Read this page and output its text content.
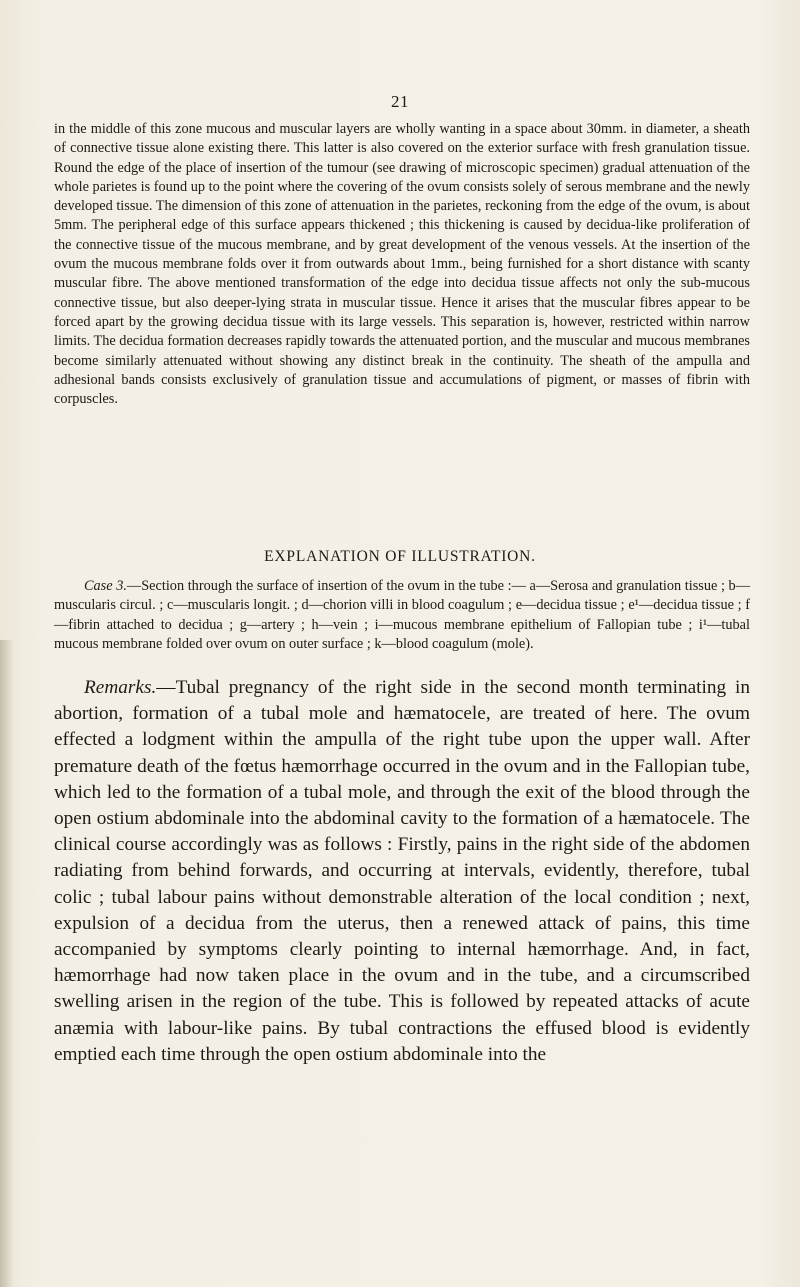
21

in the middle of this zone mucous and muscular layers are wholly wanting in a space about 30mm. in diameter, a sheath of connective tissue alone existing there. This latter is also covered on the exterior surface with fresh granulation tissue. Round the edge of the place of insertion of the tumour (see drawing of microscopic specimen) gradual attenuation of the whole parietes is found up to the point where the covering of the ovum consists solely of serous membrane and the newly developed tissue. The dimension of this zone of attenuation in the parietes, reckoning from the edge of the ovum, is about 5mm. The peripheral edge of this surface appears thickened ; this thickening is caused by decidua-like proliferation of the connective tissue of the mucous membrane, and by great development of the venous vessels. At the insertion of the ovum the mucous membrane folds over it from outwards about 1mm., being furnished for a short distance with scanty muscular fibre. The above mentioned transformation of the edge into decidua tissue affects not only the sub-mucous connective tissue, but also deeper-lying strata in muscular tissue. Hence it arises that the muscular fibres appear to be forced apart by the growing decidua tissue with its large vessels. This separation is, however, restricted within narrow limits. The decidua formation decreases rapidly towards the attenuated portion, and the muscular and mucous membranes become similarly attenuated without showing any distinct break in the continuity. The sheath of the ampulla and adhesional bands consists exclusively of granulation tissue and accumulations of pigment, or masses of fibrin with corpuscles.

EXPLANATION OF ILLUSTRATION.

Case 3.—Section through the surface of insertion of the ovum in the tube :— a—Serosa and granulation tissue ; b—muscularis circul. ; c—muscularis longit. ; d—chorion villi in blood coagulum ; e—decidua tissue ; e¹—decidua tissue ; f—fibrin attached to decidua ; g—artery ; h—vein ; i—mucous membrane epithelium of Fallopian tube ; i¹—tubal mucous membrane folded over ovum on outer surface ; k—blood coagulum (mole).

Remarks.—Tubal pregnancy of the right side in the second month terminating in abortion, formation of a tubal mole and hæmatocele, are treated of here. The ovum effected a lodgment within the ampulla of the right tube upon the upper wall. After premature death of the fœtus hæmorrhage occurred in the ovum and in the Fallopian tube, which led to the formation of a tubal mole, and through the exit of the blood through the open ostium abdominale into the abdominal cavity to the formation of a hæmatocele. The clinical course accordingly was as follows : Firstly, pains in the right side of the abdomen radiating from behind forwards, and occurring at intervals, evidently, therefore, tubal colic ; tubal labour pains without demonstrable alteration of the local condition ; next, expulsion of a decidua from the uterus, then a renewed attack of pains, this time accompanied by symptoms clearly pointing to internal hæmorrhage. And, in fact, hæmorrhage had now taken place in the ovum and in the tube, and a circumscribed swelling arisen in the region of the tube. This is followed by repeated attacks of acute anæmia with labour-like pains. By tubal contractions the effused blood is evidently emptied each time through the open ostium abdominale into the
